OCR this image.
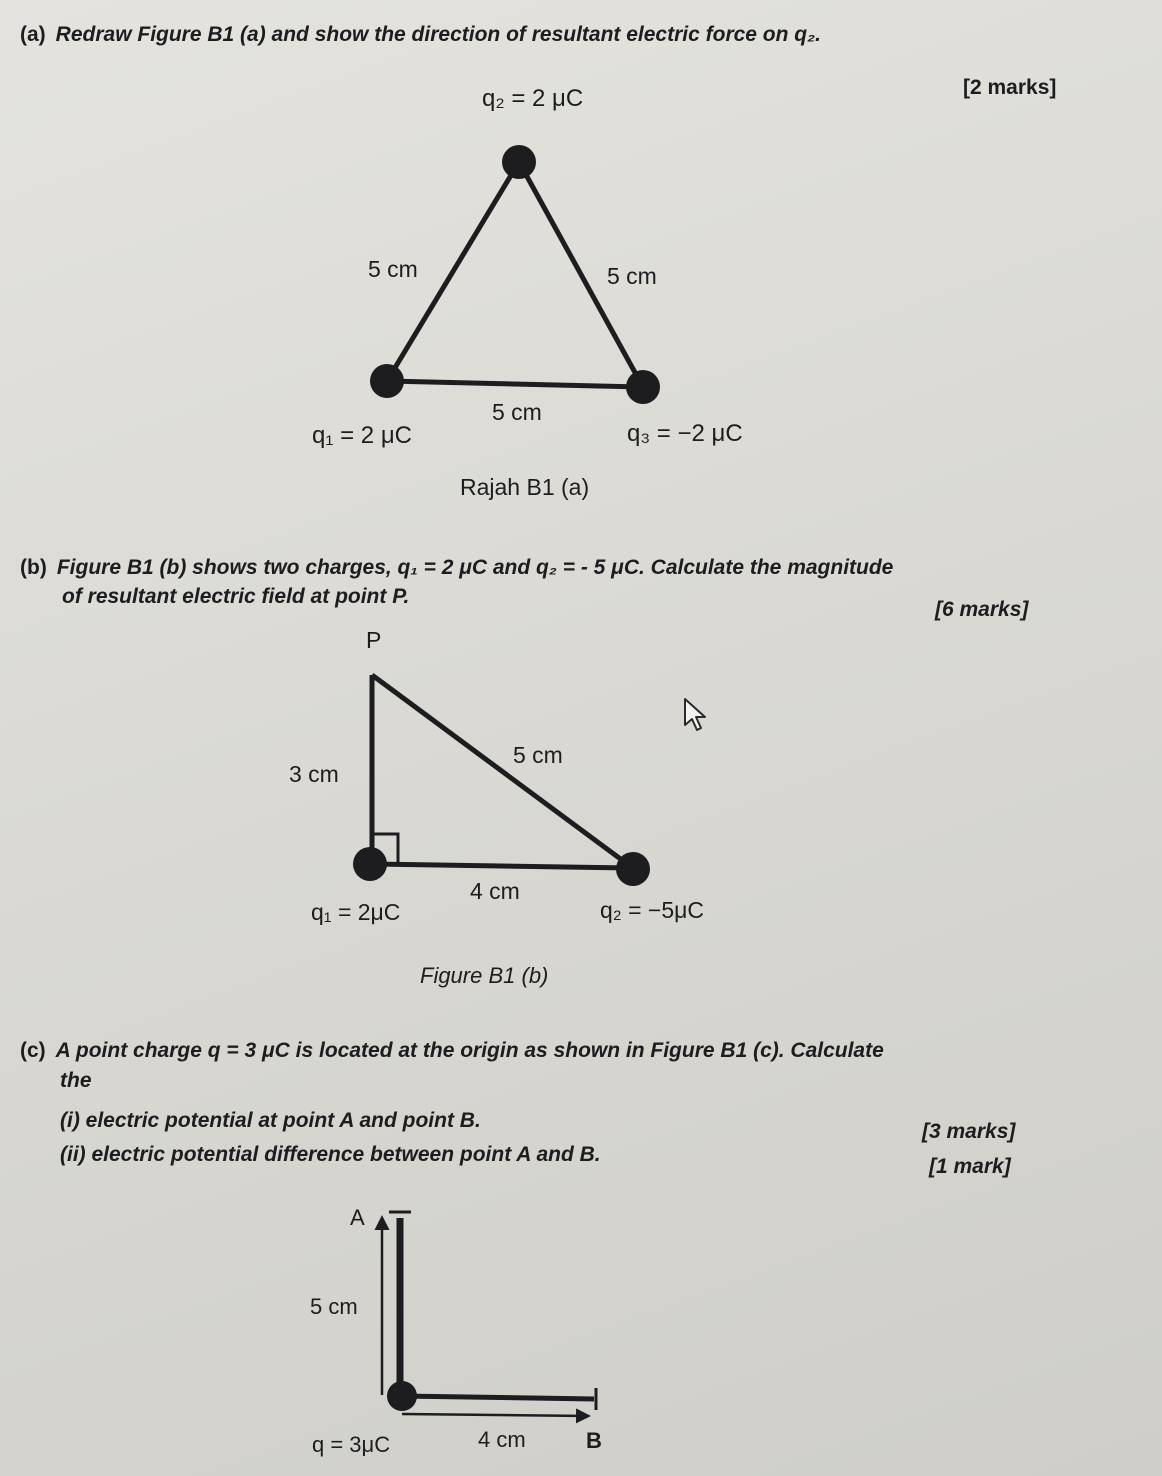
(a) Redraw Figure B1 (a) and show the direction of resultant electric force on q₂.
[2 marks]
(b) Figure B1 (b) shows two charges, q₁ = 2 μC and q₂ = - 5 μC. Calculate the magnitude
of resultant electric field at point P.
[6 marks]
(c) A point charge q = 3 μC is located at the origin as shown in Figure B1 (c). Calculate
the
(i) electric potential at point A and point B.	[3 marks]
(ii) electric potential difference between point A and B.
[1 mark]
q₂ = 2 μC
5 cm	5 cm
5 cm
q₁ = 2 μC	q₃ = −2 μC
Rajah B1 (a)
P
3 cm
5 cm
4 cm
q₁ = 2μC	q₂ = −5μC
Figure B1 (b)
A
5 cm
4 cm	B
q = 3μC
